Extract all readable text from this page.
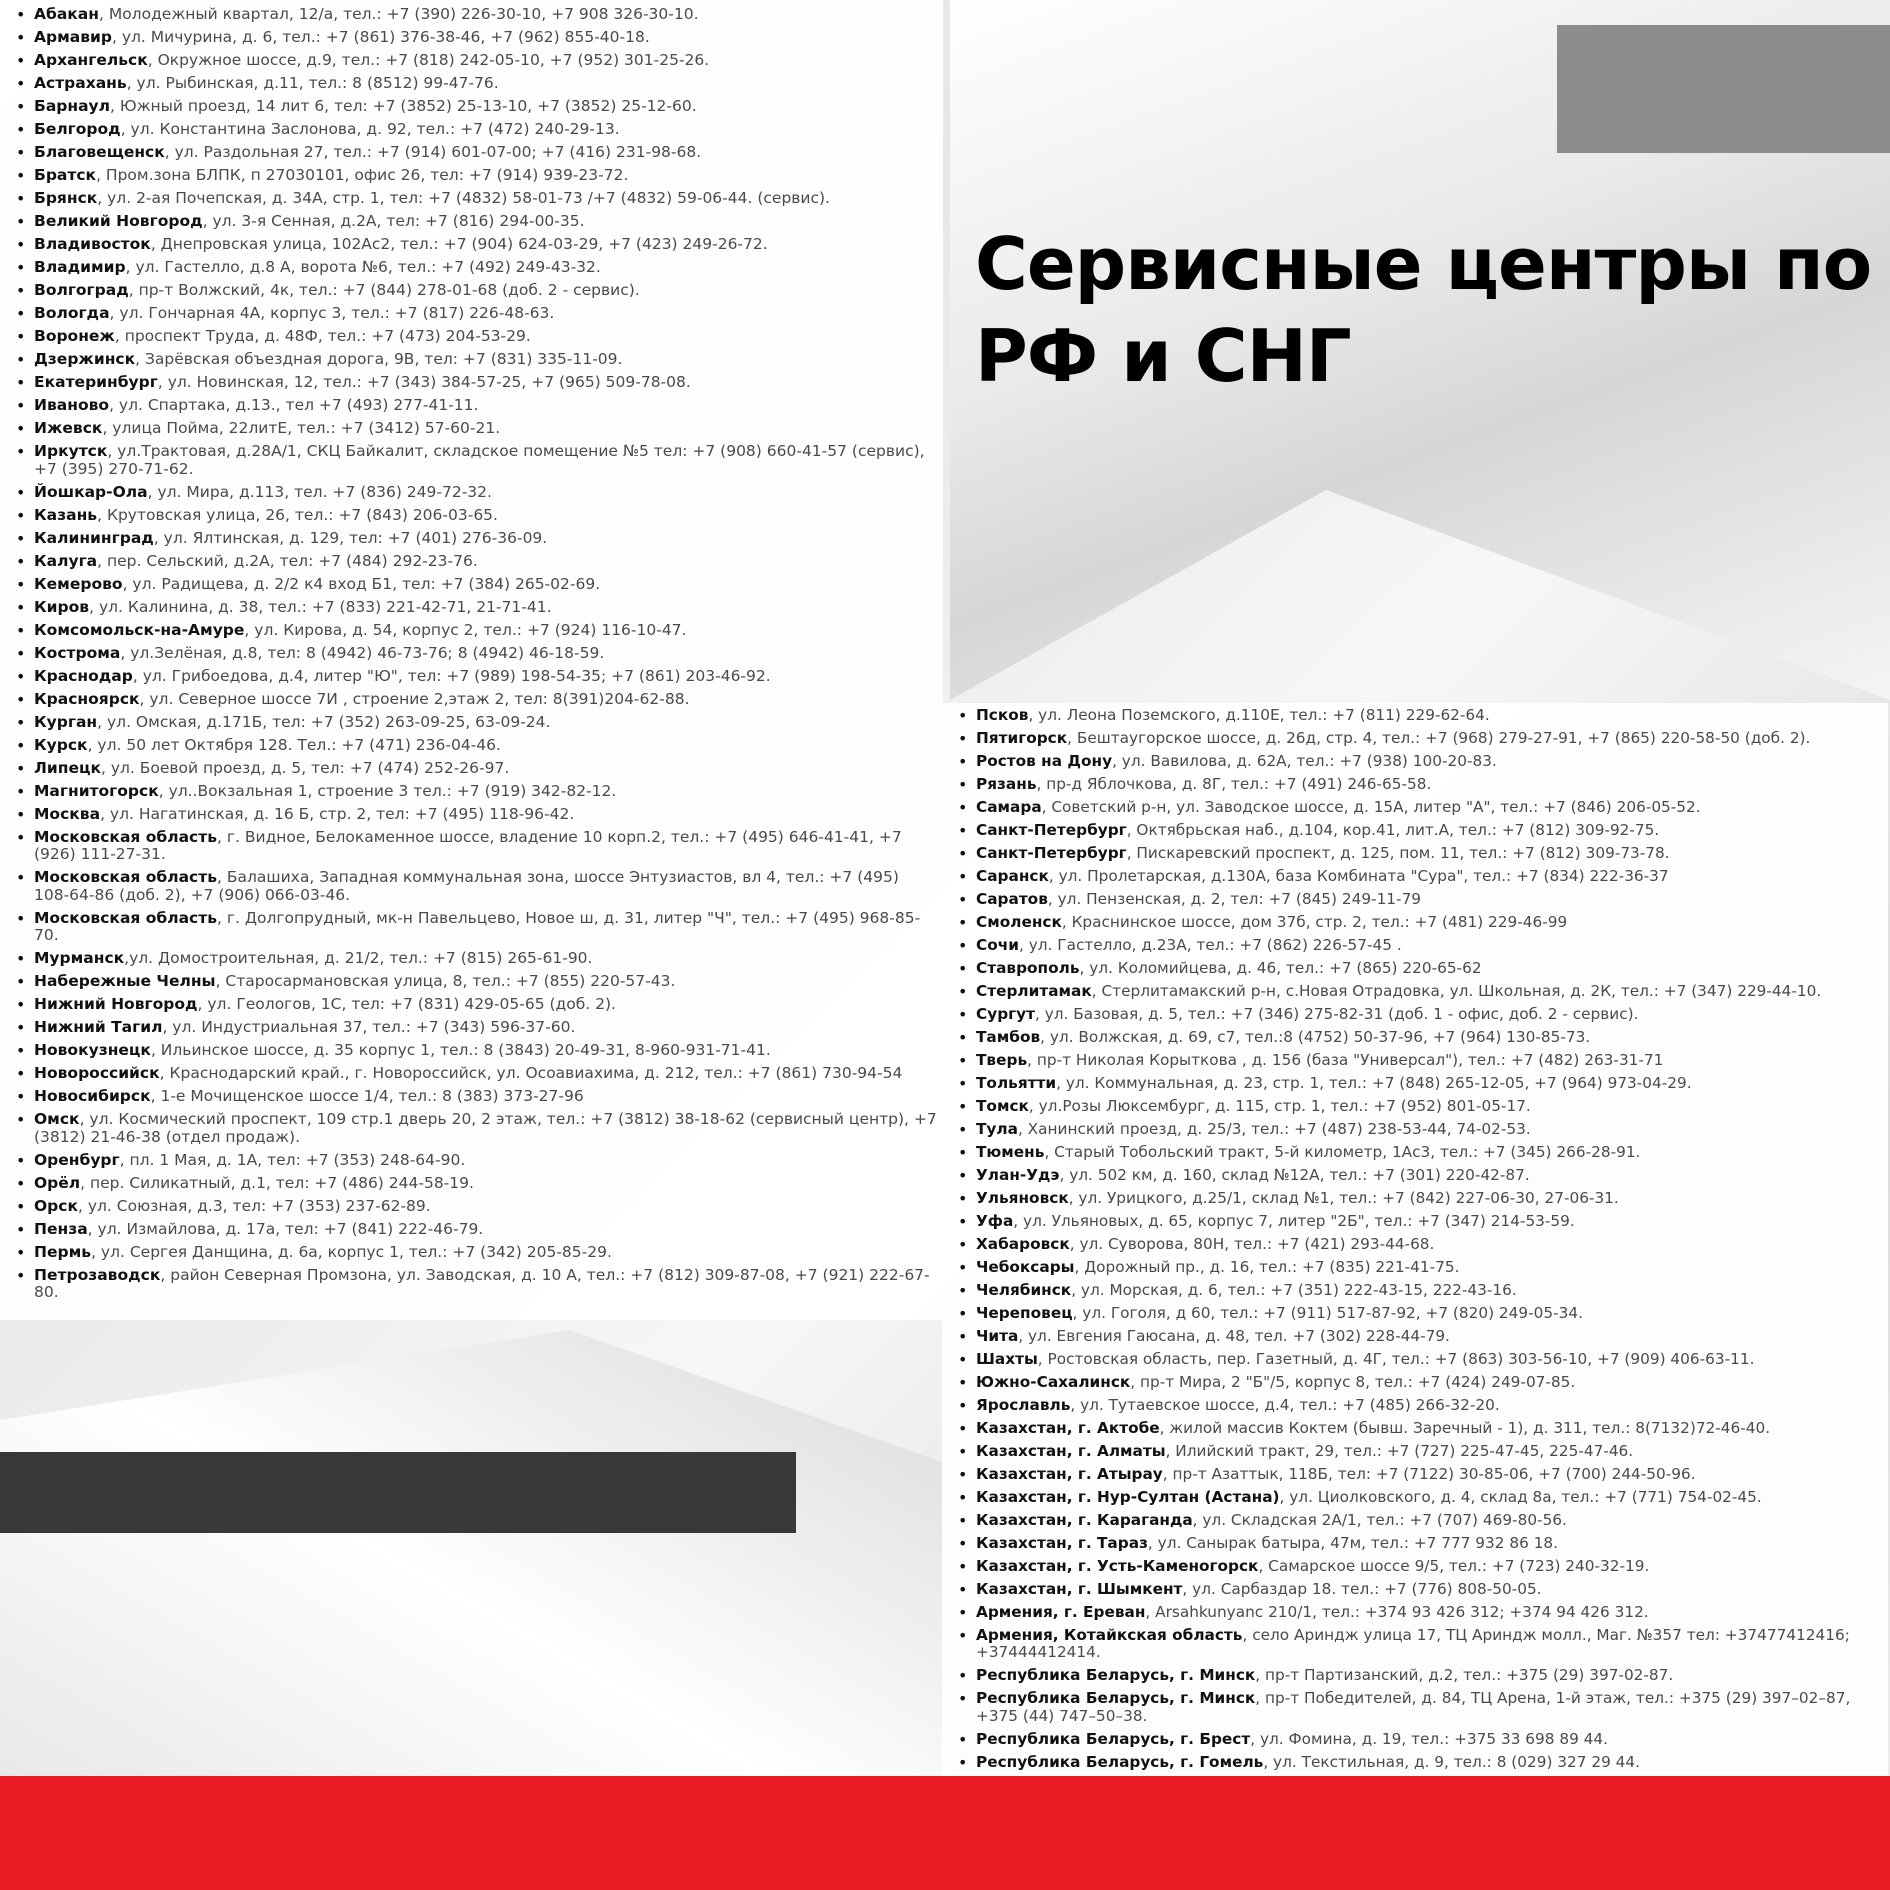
Сервисные центры по РФ и СНГ
• Абакан, Молодежный квартал, 12/а, тел.: +7 (390) 226-30-10, +7 908 326-30-10.
• Армавир, ул. Мичурина, д. 6, тел.: +7 (861) 376-38-46, +7 (962) 855-40-18.
• Архангельск, Окружное шоссе, д.9, тел.: +7 (818) 242-05-10, +7 (952) 301-25-26.
• Астрахань, ул. Рыбинская, д.11, тел.: 8 (8512) 99-47-76.
• Барнаул, Южный проезд, 14 лит 6, тел: +7 (3852) 25-13-10, +7 (3852) 25-12-60.
• Белгород, ул. Константина Заслонова, д. 92, тел.: +7 (472) 240-29-13.
• Благовещенск, ул. Раздольная 27, тел.: +7 (914) 601-07-00; +7 (416) 231-98-68.
• Братск, Пром.зона БЛПК, п 27030101, офис 26, тел: +7 (914) 939-23-72.
• Брянск, ул. 2-ая Почепская, д. 34А, стр. 1, тел: +7 (4832) 58-01-73 /+7 (4832) 59-06-44. (сервис).
• Великий Новгород, ул. 3-я Сенная, д.2А, тел: +7 (816) 294-00-35.
• Владивосток, Днепровская улица, 102Ас2, тел.: +7 (904) 624-03-29, +7 (423) 249-26-72.
• Владимир, ул. Гастелло, д.8 А, ворота №6, тел.: +7 (492) 249-43-32.
• Волгоград, пр-т Волжский, 4к, тел.: +7 (844) 278-01-68 (доб. 2 - сервис).
• Вологда, ул. Гончарная 4А, корпус 3, тел.: +7 (817) 226-48-63.
• Воронеж, проспект Труда, д. 48Ф, тел.: +7 (473) 204-53-29.
• Дзержинск, Зарёвская объездная дорога, 9В, тел: +7 (831) 335-11-09.
• Екатеринбург, ул. Новинская, 12, тел.: +7 (343) 384-57-25, +7 (965) 509-78-08.
• Иваново, ул. Спартака, д.13., тел +7 (493) 277-41-11.
• Ижевск, улица Пойма, 22литЕ, тел.: +7 (3412) 57-60-21.
• Иркутск, ул.Трактовая, д.28А/1, СКЦ Байкалит, складское помещение №5 тел: +7 (908) 660-41-57 (сервис), +7 (395) 270-71-62.
• Йошкар-Ола, ул. Мира, д.113, тел. +7 (836) 249-72-32.
• Казань, Крутовская улица, 26, тел.: +7 (843) 206-03-65.
• Калининград, ул. Ялтинская, д. 129, тел: +7 (401) 276-36-09.
• Калуга, пер. Сельский, д.2А, тел: +7 (484) 292-23-76.
• Кемерово, ул. Радищева, д. 2/2 к4 вход Б1, тел: +7 (384) 265-02-69.
• Киров, ул. Калинина, д. 38, тел.: +7 (833) 221-42-71, 21-71-41.
• Комсомольск-на-Амуре, ул. Кирова, д. 54, корпус 2, тел.: +7 (924) 116-10-47.
• Кострома, ул.Зелёная, д.8, тел: 8 (4942) 46-73-76; 8 (4942) 46-18-59.
• Краснодар, ул. Грибоедова, д.4, литер "Ю", тел: +7 (989) 198-54-35; +7 (861) 203-46-92.
• Красноярск, ул. Северное шоссе 7И , строение 2,этаж 2, тел: 8(391)204-62-88.
• Курган, ул. Омская, д.171Б, тел: +7 (352) 263-09-25, 63-09-24.
• Курск, ул. 50 лет Октября 128. Тел.: +7 (471) 236-04-46.
• Липецк, ул. Боевой проезд, д. 5, тел: +7 (474) 252-26-97.
• Магнитогорск, ул..Вокзальная 1, строение 3 тел.: +7 (919) 342-82-12.
• Москва, ул. Нагатинская, д. 16 Б, стр. 2, тел: +7 (495) 118-96-42.
• Московская область, г. Видное, Белокаменное шоссе, владение 10 корп.2, тел.: +7 (495) 646-41-41, +7 (926) 111-27-31.
• Московская область, Балашиха, Западная коммунальная зона, шоссе Энтузиастов, вл 4, тел.: +7 (495) 108-64-86 (доб. 2), +7 (906) 066-03-46.
• Московская область, г. Долгопрудный, мк-н Павельцево, Новое ш, д. 31, литер "Ч", тел.: +7 (495) 968-85-70.
• Мурманск,ул. Домостроительная, д. 21/2, тел.: +7 (815) 265-61-90.
• Набережные Челны, Старосармановская улица, 8, тел.: +7 (855) 220-57-43.
• Нижний Новгород, ул. Геологов, 1С, тел: +7 (831) 429-05-65 (доб. 2).
• Нижний Тагил, ул. Индустриальная 37, тел.: +7 (343) 596-37-60.
• Новокузнецк, Ильинское шоссе, д. 35 корпус 1, тел.: 8 (3843) 20-49-31, 8-960-931-71-41.
• Новороссийск, Краснодарский край., г. Новороссийск, ул. Осоавиахима, д. 212, тел.: +7 (861) 730-94-54
• Новосибирск, 1-е Мочищенское шоссе 1/4, тел.: 8 (383) 373-27-96
• Омск, ул. Космический проспект, 109 стр.1 дверь 20, 2 этаж, тел.: +7 (3812) 38-18-62 (сервисный центр), +7 (3812) 21-46-38 (отдел продаж).
• Оренбург, пл. 1 Мая, д. 1А, тел: +7 (353) 248-64-90.
• Орёл, пер. Силикатный, д.1, тел: +7 (486) 244-58-19.
• Орск, ул. Союзная, д.3, тел: +7 (353) 237-62-89.
• Пенза, ул. Измайлова, д. 17а, тел: +7 (841) 222-46-79.
• Пермь, ул. Сергея Данщина, д. 6а, корпус 1, тел.: +7 (342) 205-85-29.
• Петрозаводск, район Северная Промзона, ул. Заводская, д. 10 А, тел.: +7 (812) 309-87-08, +7 (921) 222-67-80.
• Псков, ул. Леона Поземского, д.110Е, тел.: +7 (811) 229-62-64.
• Пятигорск, Бештаугорское шоссе, д. 26д, стр. 4, тел.: +7 (968) 279-27-91, +7 (865) 220-58-50 (доб. 2).
• Ростов на Дону, ул. Вавилова, д. 62А, тел.: +7 (938) 100-20-83.
• Рязань, пр-д Яблочкова, д. 8Г, тел.: +7 (491) 246-65-58.
• Самара, Советский р-н, ул. Заводское шоссе, д. 15А, литер "А", тел.: +7 (846) 206-05-52.
• Санкт-Петербург, Октябрьская наб., д.104, кор.41, лит.А, тел.: +7 (812) 309-92-75.
• Санкт-Петербург, Пискаревский проспект, д. 125, пом. 11, тел.: +7 (812) 309-73-78.
• Саранск, ул. Пролетарская, д.130А, база Комбината "Сура", тел.: +7 (834) 222-36-37
• Саратов, ул. Пензенская, д. 2, тел: +7 (845) 249-11-79
• Смоленск, Краснинское шоссе, дом 37б, стр. 2, тел.: +7 (481) 229-46-99
• Сочи, ул. Гастелло, д.23А, тел.: +7 (862) 226-57-45 .
• Ставрополь, ул. Коломийцева, д. 46, тел.: +7 (865) 220-65-62
• Стерлитамак, Стерлитамакский р-н, с.Новая Отрадовка, ул. Школьная, д. 2К, тел.: +7 (347) 229-44-10.
• Сургут, ул. Базовая, д. 5, тел.: +7 (346) 275-82-31 (доб. 1 - офис, доб. 2 - сервис).
• Тамбов, ул. Волжская, д. 69, с7, тел.:8 (4752) 50-37-96, +7 (964) 130-85-73.
• Тверь, пр-т Николая Корыткова , д. 156 (база "Универсал"), тел.: +7 (482) 263-31-71
• Тольятти, ул. Коммунальная, д. 23, стр. 1, тел.: +7 (848) 265-12-05, +7 (964) 973-04-29.
• Томск, ул.Розы Люксембург, д. 115, стр. 1, тел.: +7 (952) 801-05-17.
• Тула, Ханинский проезд, д. 25/3, тел.: +7 (487) 238-53-44, 74-02-53.
• Тюмень, Старый Тобольский тракт, 5-й километр, 1Ас3, тел.: +7 (345) 266-28-91.
• Улан-Удэ, ул. 502 км, д. 160, склад №12А, тел.: +7 (301) 220-42-87.
• Ульяновск, ул. Урицкого, д.25/1, склад №1, тел.: +7 (842) 227-06-30, 27-06-31.
• Уфа, ул. Ульяновых, д. 65, корпус 7, литер "2Б", тел.: +7 (347) 214-53-59.
• Хабаровск, ул. Суворова, 80Н, тел.: +7 (421) 293-44-68.
• Чебоксары, Дорожный пр., д. 16, тел.: +7 (835) 221-41-75.
• Челябинск, ул. Морская, д. 6, тел.: +7 (351) 222-43-15, 222-43-16.
• Череповец, ул. Гоголя, д 60, тел.: +7 (911) 517-87-92, +7 (820) 249-05-34.
• Чита, ул. Евгения Гаюсана, д. 48, тел. +7 (302) 228-44-79.
• Шахты, Ростовская область, пер. Газетный, д. 4Г, тел.: +7 (863) 303-56-10, +7 (909) 406-63-11.
• Южно-Сахалинск, пр-т Мира, 2 "Б"/5, корпус 8, тел.: +7 (424) 249-07-85.
• Ярославль, ул. Тутаевское шоссе, д.4, тел.: +7 (485) 266-32-20.
• Казахстан, г. Актобе, жилой массив Коктем (бывш. Заречный - 1), д. 311, тел.: 8(7132)72-46-40.
• Казахстан, г. Алматы, Илийский тракт, 29, тел.: +7 (727) 225-47-45, 225-47-46.
• Казахстан, г. Атырау, пр-т Азаттык, 118Б, тел: +7 (7122) 30-85-06, +7 (700) 244-50-96.
• Казахстан, г. Нур-Султан (Астана), ул. Циолковского, д. 4, склад 8а, тел.: +7 (771) 754-02-45.
• Казахстан, г. Караганда, ул. Складская 2А/1, тел.: +7 (707) 469-80-56.
• Казахстан, г. Тараз, ул. Санырак батыра, 47м, тел.: +7 777 932 86 18.
• Казахстан, г. Усть-Каменогорск, Самарское шоссе 9/5, тел.: +7 (723) 240-32-19.
• Казахстан, г. Шымкент, ул. Сарбаздар 18. тел.: +7 (776) 808-50-05.
• Армения, г. Ереван, Arsahkunyanc 210/1, тел.: +374 93 426 312; +374 94 426 312.
• Армения, Котайкская область, село Ариндж улица 17, ТЦ Ариндж молл., Маг. №357 тел: +37477412416; +37444412414.
• Республика Беларусь, г. Минск, пр-т Партизанский, д.2, тел.: +375 (29) 397-02-87.
• Республика Беларусь, г. Минск, пр-т Победителей, д. 84, ТЦ Арена, 1-й этаж, тел.: +375 (29) 397–02–87, +375 (44) 747–50–38.
• Республика Беларусь, г. Брест, ул. Фомина, д. 19, тел.: +375 33 698 89 44.
• Республика Беларусь, г. Гомель, ул. Текстильная, д. 9, тел.: 8 (029) 327 29 44.
•
•
